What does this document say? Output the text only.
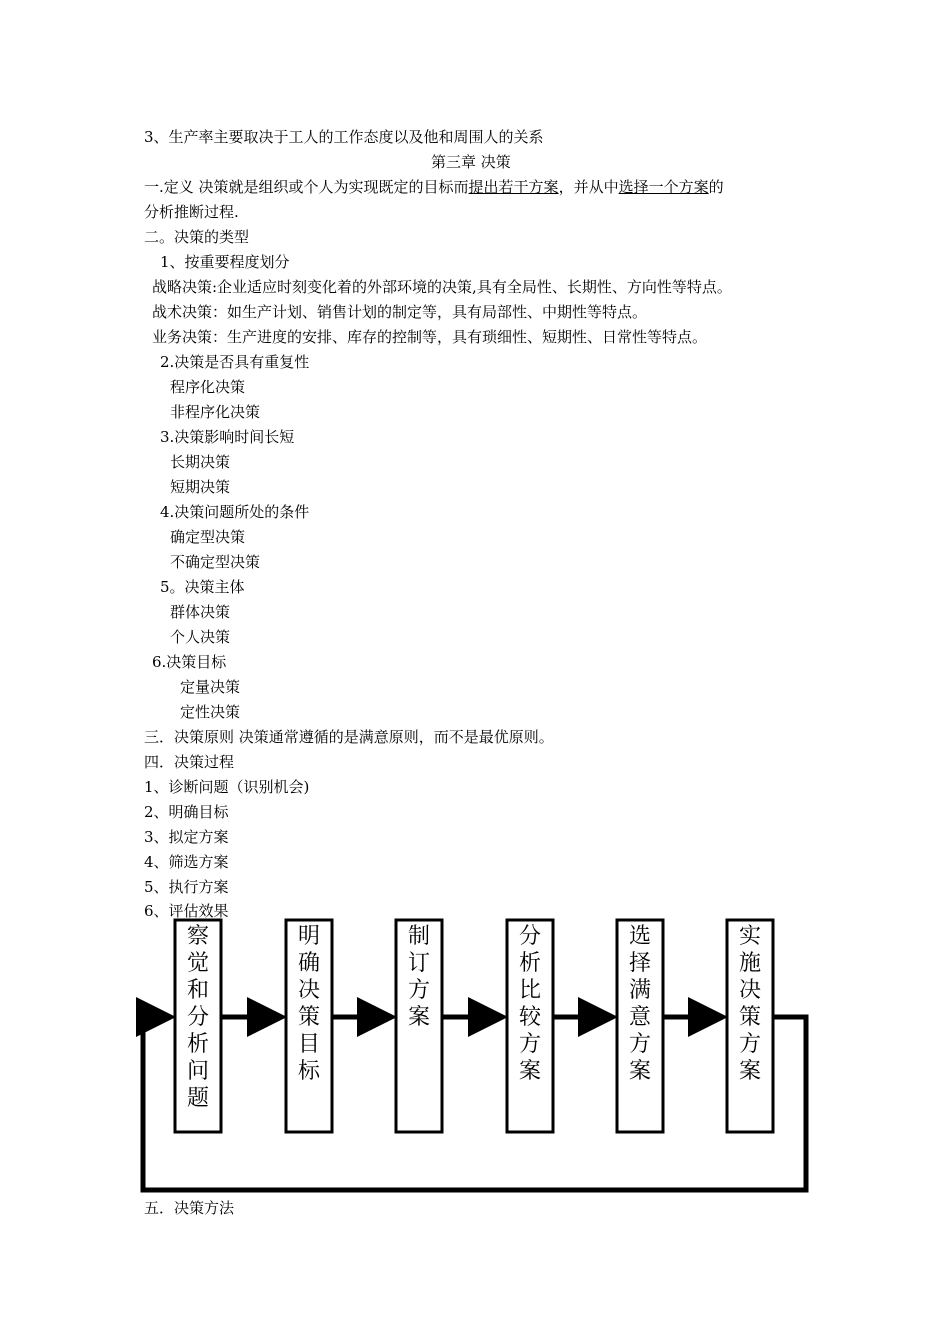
3、生产率主要取决于工人的工作态度以及他和周围人的关系
第三章 决策
一.定义 决策就是组织或个人为实现既定的目标而提出若干方案，并从中选择一个方案的
分析推断过程.
二。决策的类型
1、按重要程度划分
战略决策:企业适应时刻变化着的外部环境的决策,具有全局性、长期性、方向性等特点。
战术决策：如生产计划、销售计划的制定等，具有局部性、中期性等特点。
业务决策：生产进度的安排、库存的控制等，具有琐细性、短期性、日常性等特点。
2.决策是否具有重复性
程序化决策
非程序化决策
3.决策影响时间长短
长期决策
短期决策
4.决策问题所处的条件
确定型决策
不确定型决策
5。决策主体
群体决策
个人决策
6.决策目标
定量决策
定性决策
三．决策原则 决策通常遵循的是满意原则，而不是最优原则。
四．决策过程
1、诊断问题（识别机会)
2、明确目标
3、拟定方案
4、筛选方案
5、执行方案
6、评估效果
察觉和分析问题
明确决策目标
制订方案
分析比较方案
选择满意方案
实施决策方案
五．决策方法
